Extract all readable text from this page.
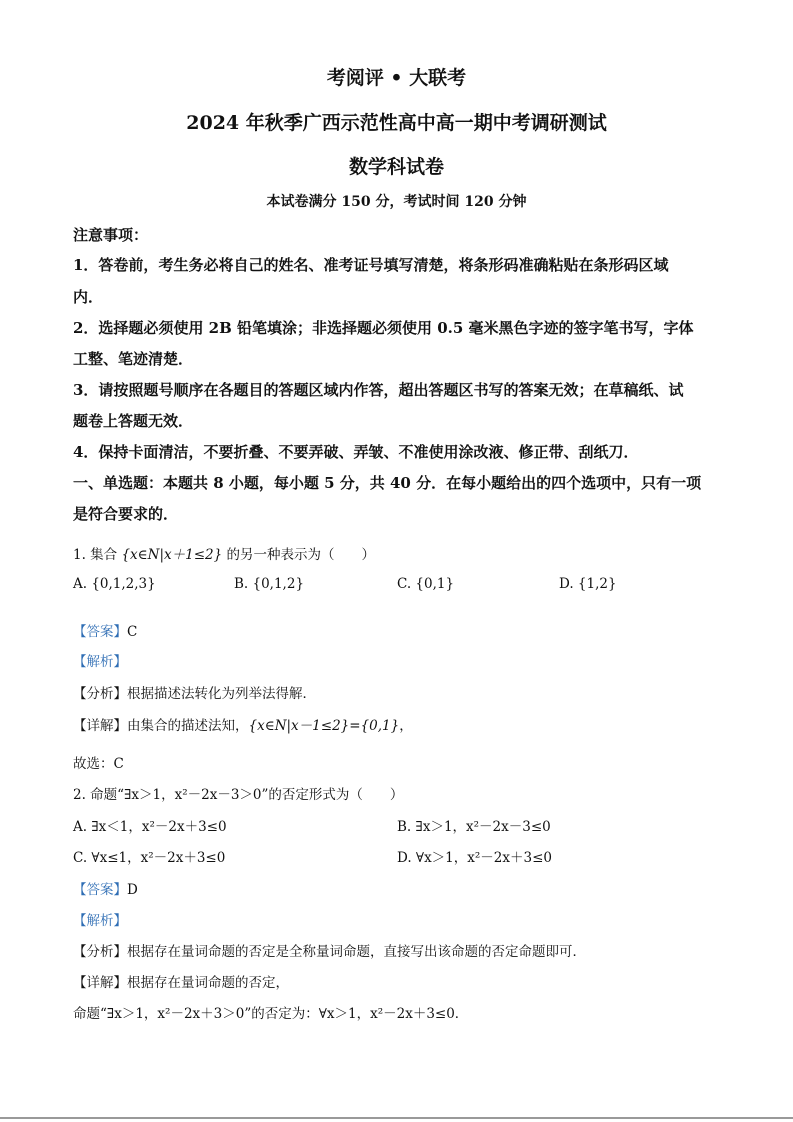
考阅评 • 大联考
2024 年秋季广西示范性高中高一期中考调研测试
数学科试卷
本试卷满分 150 分，考试时间 120 分钟
注意事项：
1．答卷前，考生务必将自己的姓名、准考证号填写清楚，将条形码准确粘贴在条形码区域
内．
2．选择题必须使用 2B 铅笔填涂；非选择题必须使用 0.5 毫米黑色字迹的签字笔书写，字体
工整、笔迹清楚．
3．请按照题号顺序在各题目的答题区域内作答，超出答题区书写的答案无效；在草稿纸、试
题卷上答题无效．
4．保持卡面清洁，不要折叠、不要弄破、弄皱、不准使用涂改液、修正带、刮纸刀．
一、单选题：本题共 8 小题，每小题 5 分，共 40 分．在每小题给出的四个选项中，只有一项
是符合要求的．
1. 集合 {x∈N|x＋1≤2} 的另一种表示为（　　）
A. {0,1,2,3}	B. {0,1,2}	C. {0,1}	D. {1,2}
【答案】C
【解析】
【分析】根据描述法转化为列举法得解．
【详解】由集合的描述法知，{x∈N|x－1≤2}={0,1}，
故选：C
2. 命题“∃x＞1，x²－2x－3＞0”的否定形式为（　　）
A. ∃x＜1，x²－2x＋3≤0	B. ∃x＞1，x²－2x－3≤0
C. ∀x≤1，x²－2x＋3≤0	D. ∀x＞1，x²－2x＋3≤0
【答案】D
【解析】
【分析】根据存在量词命题的否定是全称量词命题，直接写出该命题的否定命题即可．
【详解】根据存在量词命题的否定，
命题“∃x＞1，x²－2x＋3＞0”的否定为：∀x＞1，x²－2x＋3≤0．
